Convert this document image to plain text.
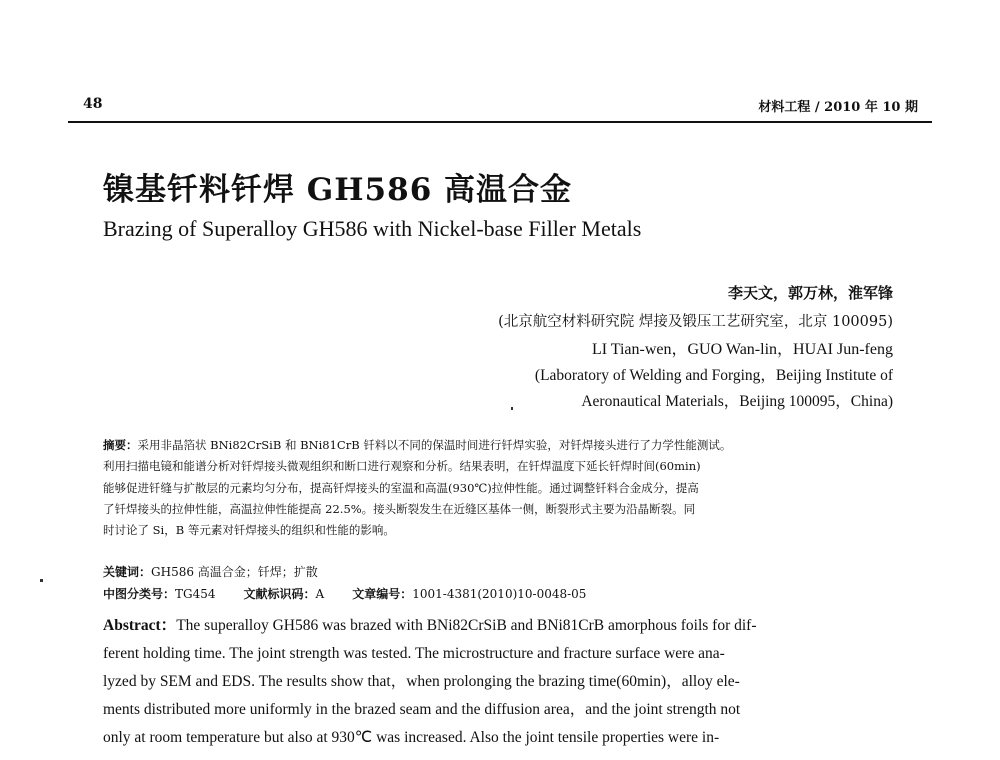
48	材料工程 / 2010 年 10 期
镍基钎料钎焊 GH586 高温合金
Brazing of Superalloy GH586 with Nickel-base Filler Metals
李天文，郭万林，淮军锋
(北京航空材料研究院 焊接及锻压工艺研究室，北京 100095)
LI Tian-wen，GUO Wan-lin，HUAI Jun-feng
(Laboratory of Welding and Forging，Beijing Institute of
Aeronautical Materials，Beijing 100095，China)
摘要：采用非晶箔状 BNi82CrSiB 和 BNi81CrB 钎料以不同的保温时间进行钎焊实验，对钎焊接头进行了力学性能测试。
利用扫描电镜和能谱分析对钎焊接头微观组织和断口进行观察和分析。结果表明，在钎焊温度下延长钎焊时间(60min)
能够促进钎缝与扩散层的元素均匀分布，提高钎焊接头的室温和高温(930℃)拉伸性能。通过调整钎料合金成分，提高
了钎焊接头的拉伸性能，高温拉伸性能提高 22.5%。接头断裂发生在近缝区基体一侧，断裂形式主要为沿晶断裂。同
时讨论了 Si，B 等元素对钎焊接头的组织和性能的影响。
关键词：GH586 高温合金；钎焊；扩散
中图分类号：TG454 文献标识码：A 文章编号：1001-4381(2010)10-0048-05
Abstract：The superalloy GH586 was brazed with BNi82CrSiB and BNi81CrB amorphous foils for dif-
ferent holding time. The joint strength was tested. The microstructure and fracture surface were ana-
lyzed by SEM and EDS. The results show that，when prolonging the brazing time(60min)，alloy ele-
ments distributed more uniformly in the brazed seam and the diffusion area，and the joint strength not
only at room temperature but also at 930℃ was increased. Also the joint tensile properties were in-
